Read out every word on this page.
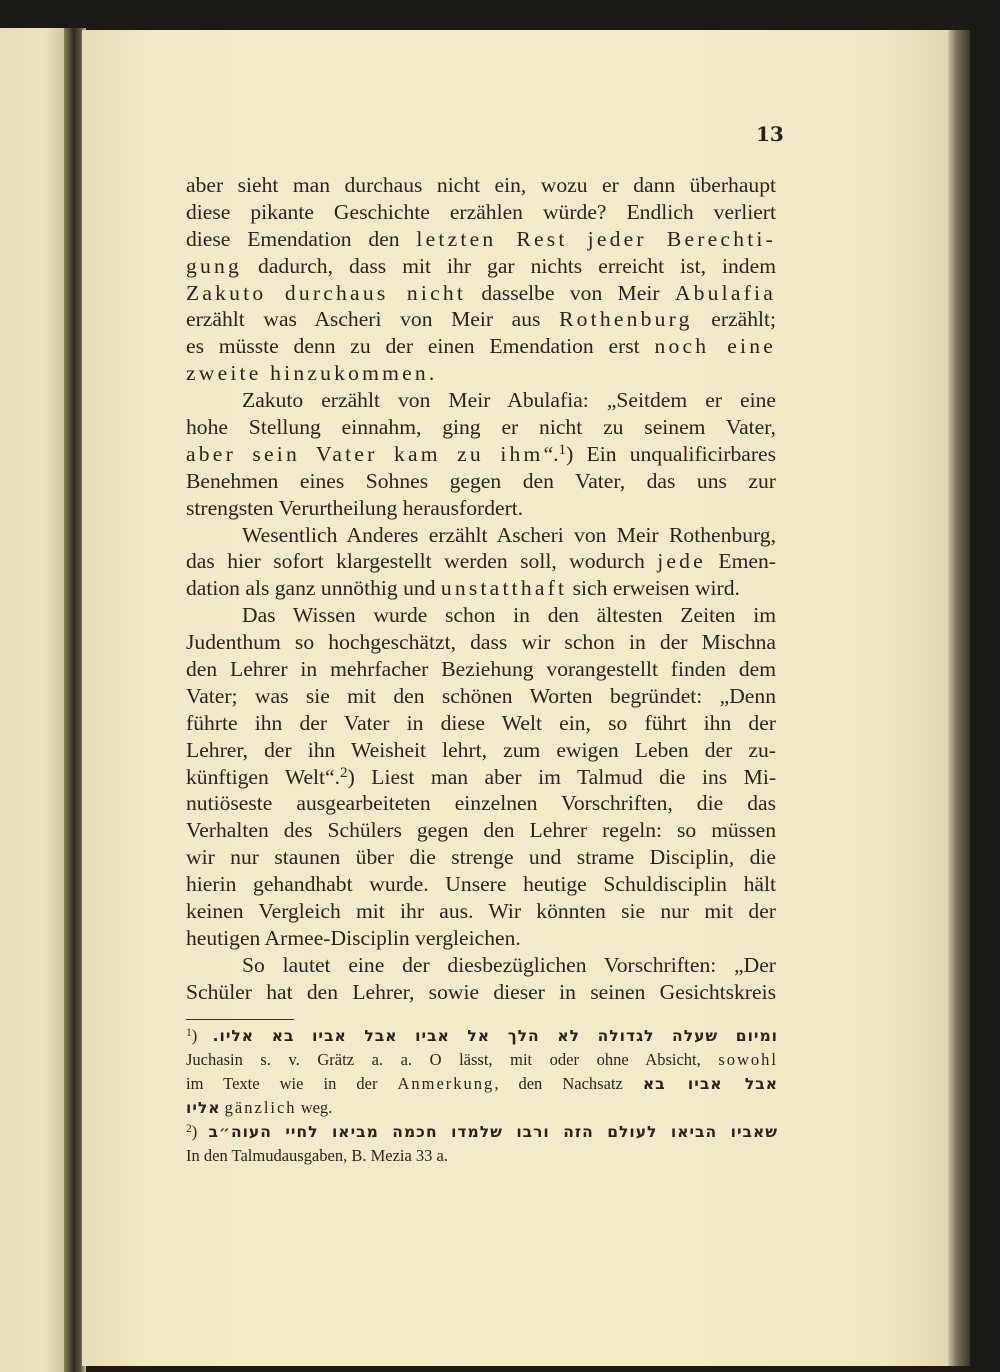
13
aber sieht man durchaus nicht ein, wozu er dann überhaupt
diese pikante Geschichte erzählen würde? Endlich verliert
diese Emendation den letzten Rest jeder Berechti-
gung dadurch, dass mit ihr gar nichts erreicht ist, indem
Zakuto durchaus nicht dasselbe von Meir Abulafia
erzählt was Ascheri von Meir aus Rothenburg erzählt;
es müsste denn zu der einen Emendation erst noch eine
zweite hinzukommen.
Zakuto erzählt von Meir Abulafia: „Seitdem er eine
hohe Stellung einnahm, ging er nicht zu seinem Vater,
aber sein Vater kam zu ihm“.$^1$) Ein unqualificirbares
Benehmen eines Sohnes gegen den Vater, das uns zur
strengsten Verurtheilung herausfordert.
Wesentlich Anderes erzählt Ascheri von Meir Rothenburg,
das hier sofort klargestellt werden soll, wodurch jede Emen-
dation als ganz unnöthig und unstatthaft sich erweisen wird.
Das Wissen wurde schon in den ältesten Zeiten im
Judenthum so hochgeschätzt, dass wir schon in der Mischna
den Lehrer in mehrfacher Beziehung vorangestellt finden dem
Vater; was sie mit den schönen Worten begründet: „Denn
führte ihn der Vater in diese Welt ein, so führt ihn der
Lehrer, der ihn Weisheit lehrt, zum ewigen Leben der zu-
künftigen Welt“.$^2$) Liest man aber im Talmud die ins Mi-
nutiöseste ausgearbeiteten einzelnen Vorschriften, die das
Verhalten des Schülers gegen den Lehrer regeln: so müssen
wir nur staunen über die strenge und strame Disciplin, die
hierin gehandhabt wurde. Unsere heutige Schuldisciplin hält
keinen Vergleich mit ihr aus. Wir könnten sie nur mit der
heutigen Armee-Disciplin vergleichen.
So lautet eine der diesbezüglichen Vorschriften: „Der
Schüler hat den Lehrer, sowie dieser in seinen Gesichtskreis
$^1$) ומיום שעלה לגדולה לא הלך אל אביו אבל אביו בא אליו.
Juchasin s. v. Grätz a. a. O lässt, mit oder ohne Absicht, sowohl
im Texte wie in der Anmerkung, den Nachsatz אבל אביו בא
אליו gänzlich weg.
$^2$) שאביו הביאו לעולם הזה ורבו שלמדו חכמה מביאו לחיי העוה״ב
In den Talmudausgaben, B. Mezia 33 a.
